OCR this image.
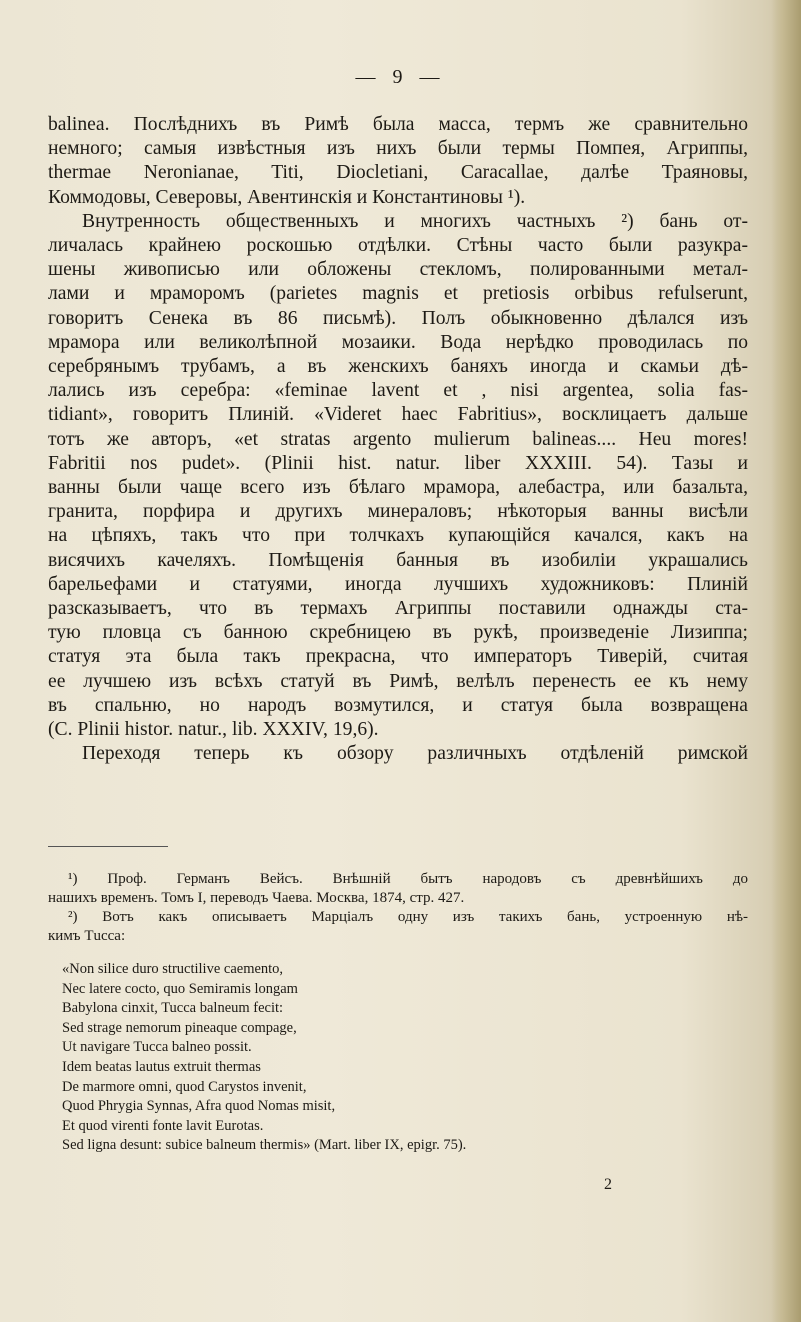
— 9 —
balinea. Послѣднихъ въ Римѣ была масса, термъ же сравнительно
немного; самыя извѣстныя изъ нихъ были термы Помпея, Агриппы,
thermae Neronianae, Titi, Diocletiani, Caracallae, далѣе Траяновы,
Коммодовы, Северовы, Авентинскія и Константиновы ¹).
Внутренность общественныхъ и многихъ частныхъ ²) бань от-
личалась крайнею роскошью отдѣлки. Стѣны часто были разукра-
шены живописью или обложены стекломъ, полированными метал-
лами и мраморомъ (parietes magnis et pretiosis orbibus refulserunt,
говоритъ Сенека въ 86 письмѣ). Полъ обыкновенно дѣлался изъ
мрамора или великолѣпной мозаики. Вода нерѣдко проводилась по
серебрянымъ трубамъ, а въ женскихъ баняхъ иногда и скамьи дѣ-
лались изъ серебра: «feminae lavent et , nisi argentea, solia fas-
tidiant», говоритъ Плиній. «Videret haec Fabritius», восклицаетъ дальше
тотъ же авторъ, «et stratas argento mulierum balineas.... Heu mores!
Fabritii nos pudet». (Plinii hist. natur. liber XXXIII. 54). Тазы и
ванны были чаще всего изъ бѣлаго мрамора, алебастра, или базальта,
гранита, порфира и другихъ минераловъ; нѣкоторыя ванны висѣли
на цѣпяхъ, такъ что при толчкахъ купающійся качался, какъ на
висячихъ качеляхъ. Помѣщенія банныя въ изобиліи украшались
барельефами и статуями, иногда лучшихъ художниковъ: Плиній
разсказываетъ, что въ термахъ Агриппы поставили однажды ста-
тую пловца съ банною скребницею въ рукѣ, произведеніе Лизиппа;
статуя эта была такъ прекрасна, что императоръ Тиверій, считая
ее лучшею изъ всѣхъ статуй въ Римѣ, велѣлъ перенесть ее къ нему
въ спальню, но народъ возмутился, и статуя была возвращена
(C. Plinii histor. natur., lib. XXXIV, 19,6).
Переходя теперь къ обзору различныхъ отдѣленій римской
¹) Проф. Германъ Вейсъ. Внѣшній бытъ народовъ съ древнѣйшихъ до
нашихъ временъ. Томъ I, переводъ Чаева. Москва, 1874, стр. 427.
²) Вотъ какъ описываетъ Марціалъ одну изъ такихъ бань, устроенную нѣ-
кимъ Тucca:
«Non silice duro structilive caemento,
Nec latere cocto, quo Semiramis longam
Babylona cinxit, Tucca balneum fecit:
Sed strage nemorum pineaque compage,
Ut navigare Tucca balneo possit.
Idem beatas lautus extruit thermas
De marmore omni, quod Carystos invenit,
Quod Phrygia Synnas, Afra quod Nomas misit,
Et quod virenti fonte lavit Eurotas.
Sed ligna desunt: subice balneum thermis» (Mart. liber IX, epigr. 75).
2
